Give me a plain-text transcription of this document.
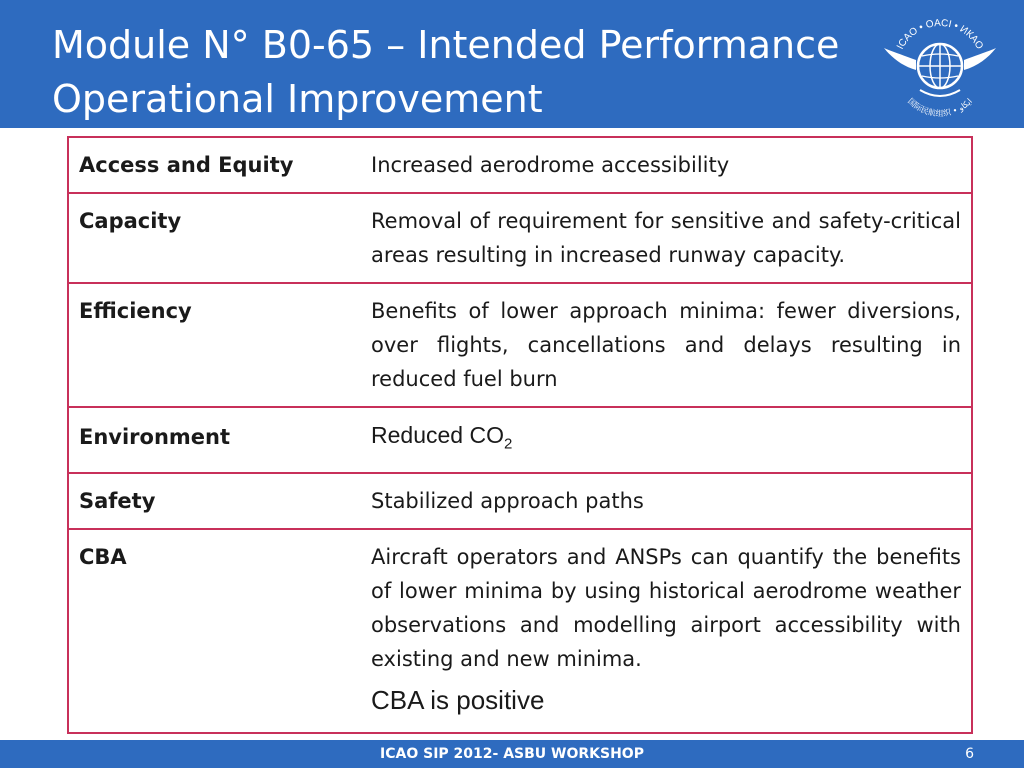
Module N° B0-65 – Intended Performance
Operational Improvement
ICAO • OACI • ИКАО
国际民航组织 • ايكاو
Access and Equity	Increased aerodrome accessibility
Capacity	Removal of requirement for sensitive and safety-critical areas resulting in increased runway capacity.
Efficiency	Benefits of lower approach minima: fewer diversions, over flights, cancellations and delays resulting in reduced fuel burn
Environment	Reduced $CO_2$
Safety	Stabilized approach paths
CBA	Aircraft operators and ANSPs can quantify the benefits of lower minima by using historical aerodrome weather observations and modelling airport accessibility with existing and new minima.
CBA is positive
ICAO SIP 2012- ASBU WORKSHOP	6
